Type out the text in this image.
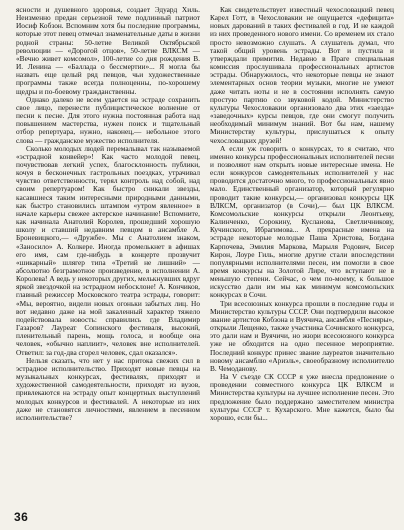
ясности и душевного здоровья, создает Эдуард Хиль. Неизменно предан серьезной теме подлинный патриот Иосиф Кобзон. Вспомним хотя бы последние программы, которые этот певец отмечал знаменательные даты в жизни родной страны: 50-летие Великой Октябрьской революции — «Дорогой отцов», 50-летие ВЛКСМ — «Вечно живет комсомол», 100-летие со дня рождения В. И. Ленина — «Баллада о бессмертии»... Я могла бы назвать еще целый ряд певцов, чьи художественные программы также всегда полноценны, по-хорошему щедры и по-боевому гражданственны.

Однако далеко не всем удается на эстраде сохранить свое лицо, перенести публицистическое волнение от песни к песне. Для этого нужна постоянная работа над повышением мастерства, нужен поиск и тщательный отбор репертуара, нужно, наконец,— небольное этого слова — гражданское мужество исполнителя.

Сколько молодых людей перемалывал так называемой «эстрадной конвейер»! Как часто молодой певец, почувствовав легкий успех, благосклонность публики, кочуя в бесконечных гастрольных поездках, утрачивал чувство ответственности, терял контроль над собой, над своим репертуаром! Как быстро сникали звезды, касавшиеся таким интересными природными данными, как быстро становились штампом «утром явленное» в начале карьеры свежее актерское начинание! Вспомните, как начинала Анатолий Королев, прошедший хорошую школу и ставший недавним певцом в ансамбле А. Броневицкого,— «Дружбе». Мы с Анатолием знаком, «Заносило» А. Колкере. Иногда промелькнет в афишах его имя, сам где-нибудь в концерте прозвучит «шикарный» шлягер типа «Третий не лишний» — абсолютно безграмотное произведение, в исполнении А. Королева! А ведь у некоторых других, мелькнувших вдруг яркой звездочкой на эстрадном небосклоне! А. Кончиков, главный режиссер Московского театра эстрады, говорит: «Мы, вероятно, видели новых огоньки забытых лиц. Но вот недавно даже на мой закаленный характер тяжело подействовала новость: справились где Владимир Газаров? Лауреат Сопинского фестиваля, высокий, пленительный парень, мощь голоса, и вообще она человек, «обычно наплиит», человек вне исполнителей. Ответил: за год-два сгорел человек, сдал оказался».

Нельзя сказать, что нет у нас притока свежих сил в эстрадное исполнительство. Приходят новые певцы на музыкальных конкурсах, фестивалях, приходят и художественной самодеятельности, приходят из вузов, привлекаются на эстраду опыт концертных выступлений молодых конкурсов и фестивалей. А некоторые из них даже не становятся личностями, явлением в песенном исполнительстве?

Как свидетельствует известный чехословацкий певец Карел Готт, в Чехословакии не ощущается «дефицита» новых дарований в таких фестивалей в год. И не каждой из них проведенного нового имени. Со временем их стало просто невозможно слушать. А слушатель думал, что такой общий уровень эстрады. Вот и пустила и утверждали примитив. Недавно в Праге специальная комиссия прослушивала профессиональных артистов эстрады. Обнаружилось, что некоторые певцы не знают элементарных основ теории музыки, многие не умеют даже читать ноты и не в состоянии исполнять самую простую партию со звуковой кодой. Министерство культуры Чехословакии организовало два этих «заезда» «заведочных» курсы певцов, где они смогут получить необходимый минимум знаний. Вот бы нам, нашему Министерству культуры, прислушаться к опыту чехословацких друзей!

А если уж говорить о конкурсах, то я считаю, что именно конкурсы профессиональных исполнителей песни и позволяют нам открыть новые интересные имена. Не если конкурсов самодеятельных исполнителей у нас проводится достаточно много, то профессиональных явно мало. Единственный организатор, который регулярно проводит такие конкурсы,— организовал конкурсы ЦК ВЛКСМ, организатор (в Сочи),— был ЦК ВЛКСМ. Комсомольские конкурсы открыли Леонтьеву, Калинченко, Сорокину, Кусланова, Светличникову, Кучинского, Ибрагимова... А прекрасные имена на эстраде некоторые молодые Паша Христова, Богдана Карпочева, Эмилия Маркова, Марыля Родович, Бисер Кирон, Лоуре Гиль, многие другие стали впоследствии популярными исполнителями песен, им помогли в свое время конкурсы на Золотой Лире, что вступают не в меньшую степени. Сейчас, о чем по-моему, к большое искусство дали им мы как минимум комсомольских конкурсах в Сочи.

Три всесоюзных конкурса прошли в последние годы и Министерство культуры СССР. Они подтвердили высокое звание артистов Кобзона и Вуячича, ансамбля «Песняры», открыли Лещенко, также участника Сочинского конкурса, это дали нам и Вуячичи, но жюри всесоюзного конкурса уже не обходится на одно песенное мероприятие. Последний конкурс принес звание лауреатов значительно новому ансамблю «Ариэль», своеобразному исполнителю В. Чемоданову.

На V съезде СК СССР я уже внесла предложение о проведении совместного конкурса ЦК ВЛКСМ и Министерства культуры на лучшее исполнение песен. Это предложение было поддержано заместителем министра культуры СССР т. Кухарского. Мне кажется, было бы хорошо, если бы...

36
